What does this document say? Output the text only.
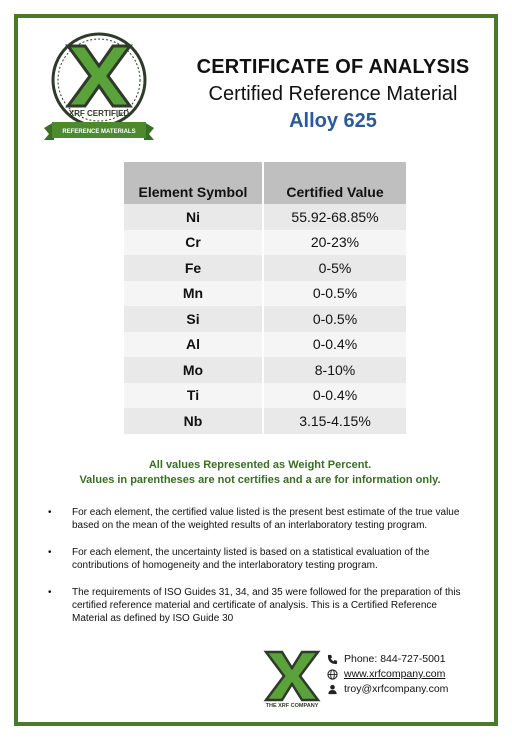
XRF CERTIFIED
REFERENCE MATERIALS
CERTIFICATE OF ANALYSIS
Certified Reference Material
Alloy 625
Element Symbol	Certified Value
Ni	55.92-68.85%
Cr	20-23%
Fe	0-5%
Mn	0-0.5%
Si	0-0.5%
Al	0-0.4%
Mo	8-10%
Ti	0-0.4%
Nb	3.15-4.15%
All values Represented as Weight Percent.
Values in parentheses are not certifies and a are for information only.
•	For each element, the certified value listed is the present best estimate of the true value based on the mean of the weighted results of an interlaboratory testing program.
•	For each element, the uncertainty listed is based on a statistical evaluation of the contributions of homogeneity and the interlaboratory testing program.
•	The requirements of ISO Guides 31, 34, and 35 were followed for the preparation of this certified reference material and certificate of analysis. This is a Certified Reference Material as defined by ISO Guide 30
THE XRF COMPANY
Phone: 844-727-5001
www.xrfcompany.com
troy@xrfcompany.com
